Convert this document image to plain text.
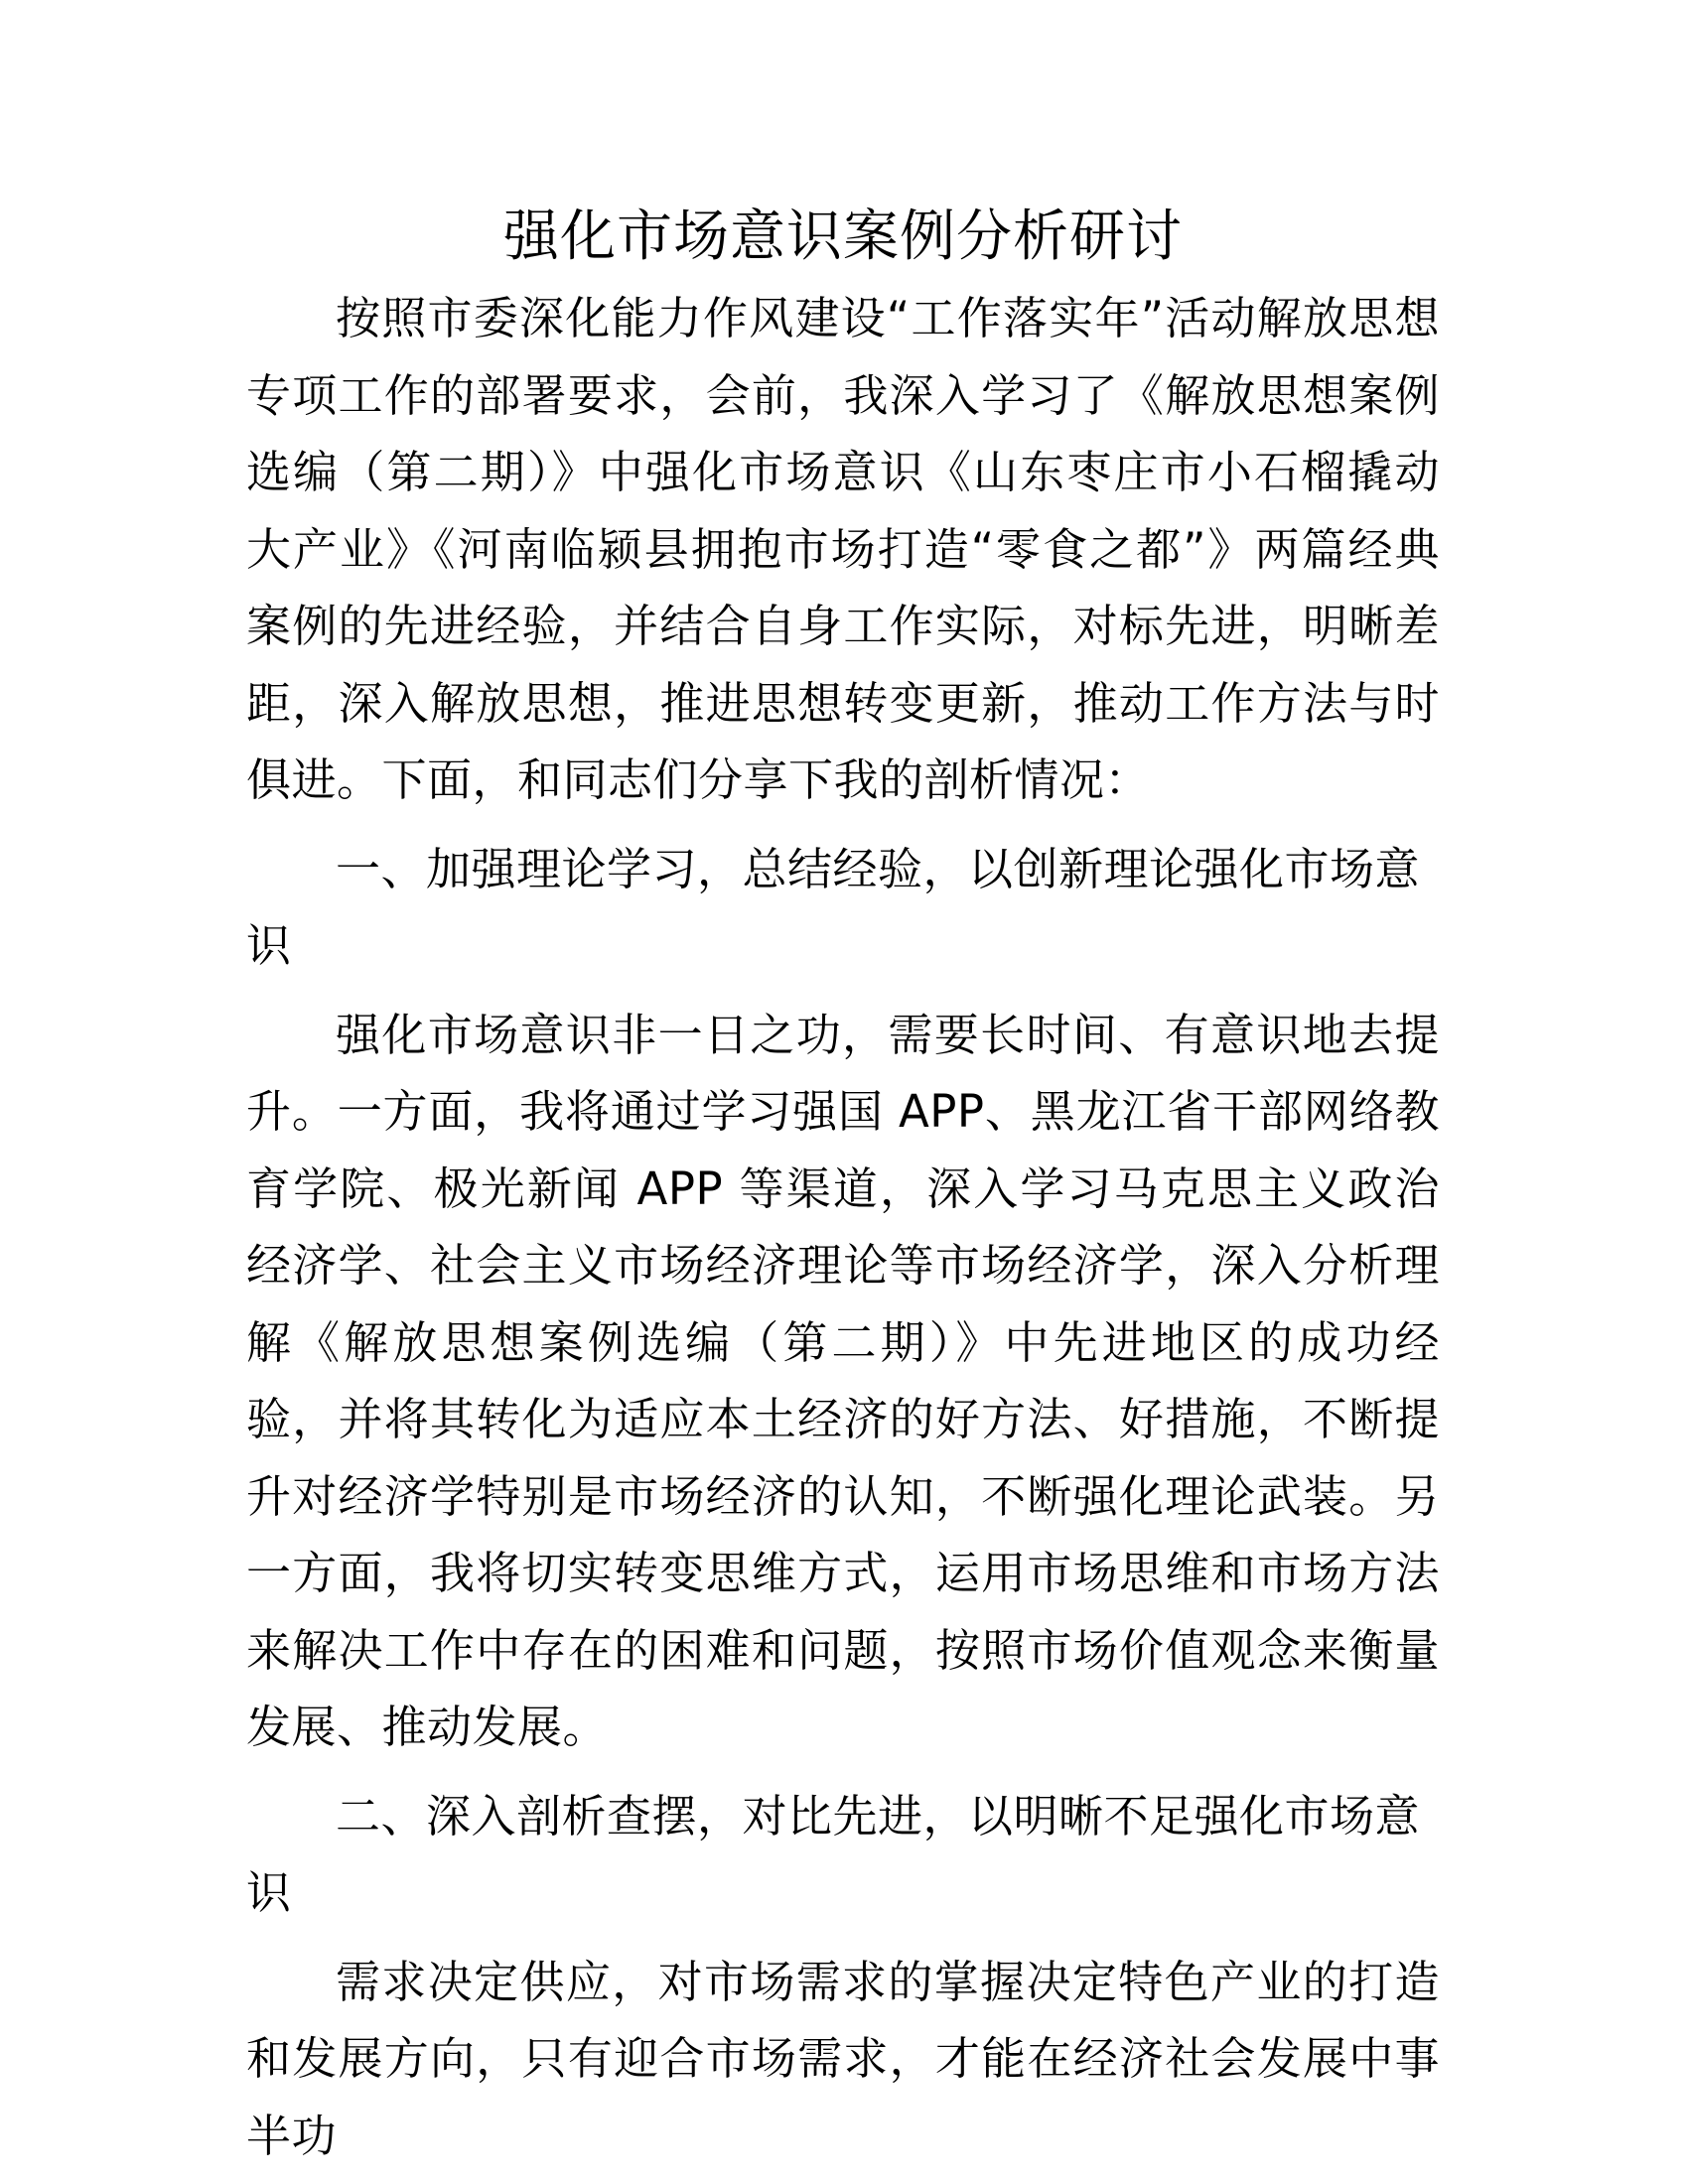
强化市场意识案例分析研讨

按照市委深化能力作风建设“工作落实年”活动解放思想专项工作的部署要求，会前，我深入学习了《解放思想案例选编（第二期）》中强化市场意识《山东枣庄市小石榴撬动大产业》《河南临颍县拥抱市场打造“零食之都”》两篇经典案例的先进经验，并结合自身工作实际，对标先进，明晰差距，深入解放思想，推进思想转变更新，推动工作方法与时俱进。下面，和同志们分享下我的剖析情况：

一、加强理论学习，总结经验，以创新理论强化市场意识

强化市场意识非一日之功，需要长时间、有意识地去提升。一方面，我将通过学习强国 APP、黑龙江省干部网络教育学院、极光新闻 APP 等渠道，深入学习马克思主义政治经济学、社会主义市场经济理论等市场经济学，深入分析理解《解放思想案例选编（第二期）》中先进地区的成功经验，并将其转化为适应本土经济的好方法、好措施，不断提升对经济学特别是市场经济的认知，不断强化理论武装。另一方面，我将切实转变思维方式，运用市场思维和市场方法来解决工作中存在的困难和问题，按照市场价值观念来衡量发展、推动发展。

二、深入剖析查摆，对比先进，以明晰不足强化市场意识

需求决定供应，对市场需求的掌握决定特色产业的打造和发展方向，只有迎合市场需求，才能在经济社会发展中事半功
